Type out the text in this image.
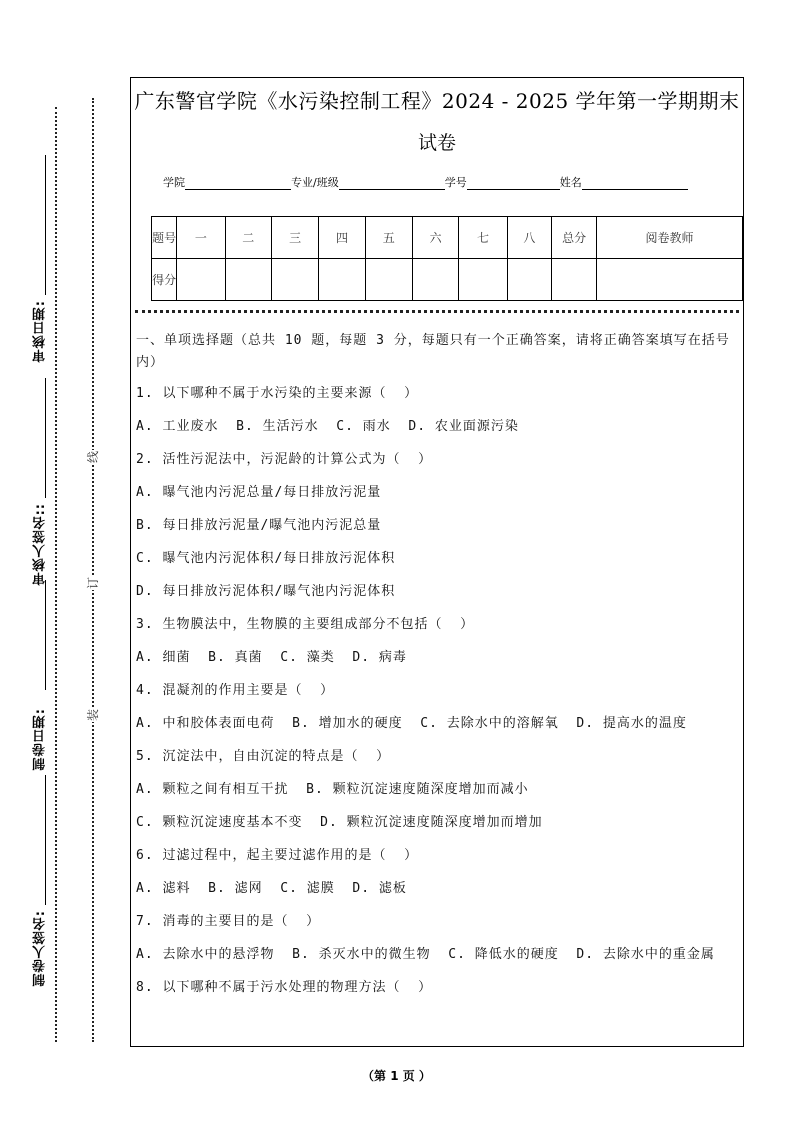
审核日期:
审核人签名::
制卷日期:
制卷人签名:
线
订
装
广东警官学院《水污染控制工程》2024 - 2025 学年第一学期期末
试卷
学院	专业/班级	学号	姓名
题号	一	二	三	四	五	六	七	八	总分	阅卷教师
得分										
一、单项选择题（总共 10 题，每题 3 分，每题只有一个正确答案，请将正确答案填写在括号内）
1. 以下哪种不属于水污染的主要来源（  ）
A. 工业废水  B. 生活污水  C. 雨水  D. 农业面源污染
2. 活性污泥法中，污泥龄的计算公式为（  ）
A. 曝气池内污泥总量/每日排放污泥量
B. 每日排放污泥量/曝气池内污泥总量
C. 曝气池内污泥体积/每日排放污泥体积
D. 每日排放污泥体积/曝气池内污泥体积
3. 生物膜法中，生物膜的主要组成部分不包括（  ）
A. 细菌  B. 真菌  C. 藻类  D. 病毒
4. 混凝剂的作用主要是（  ）
A. 中和胶体表面电荷  B. 增加水的硬度  C. 去除水中的溶解氧  D. 提高水的温度
5. 沉淀法中，自由沉淀的特点是（  ）
A. 颗粒之间有相互干扰  B. 颗粒沉淀速度随深度增加而减小
C. 颗粒沉淀速度基本不变  D. 颗粒沉淀速度随深度增加而增加
6. 过滤过程中，起主要过滤作用的是（  ）
A. 滤料  B. 滤网  C. 滤膜  D. 滤板
7. 消毒的主要目的是（  ）
A. 去除水中的悬浮物  B. 杀灭水中的微生物  C. 降低水的硬度  D. 去除水中的重金属
8. 以下哪种不属于污水处理的物理方法（  ）
（第 1 页 ）
